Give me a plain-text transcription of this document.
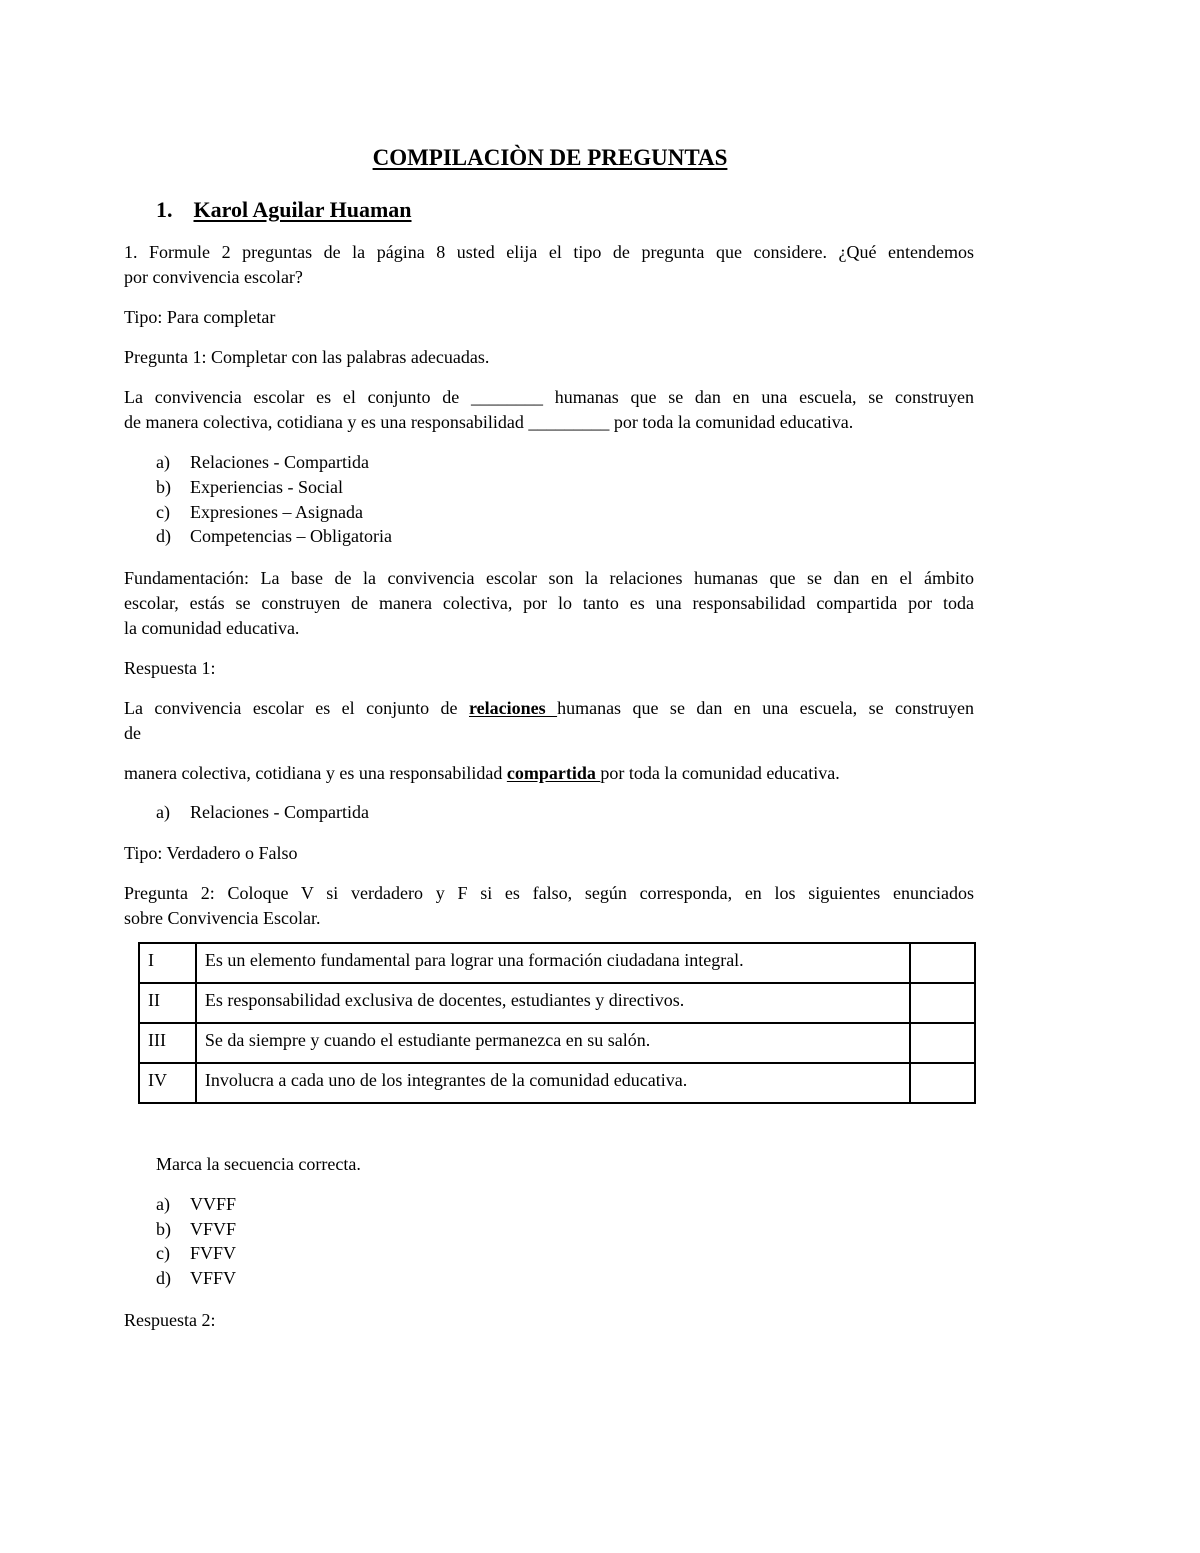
COMPILACIÒN DE PREGUNTAS
1. Karol Aguilar Huaman
1. Formule 2 preguntas de la página 8 usted elija el tipo de pregunta que considere. ¿Qué entendemos
por convivencia escolar?
Tipo: Para completar
Pregunta 1: Completar con las palabras adecuadas.
La convivencia escolar es el conjunto de ________ humanas que se dan en una escuela, se construyen
de manera colectiva, cotidiana y es una responsabilidad _________ por toda la comunidad educativa.
a) Relaciones - Compartida
b) Experiencias - Social
c) Expresiones – Asignada
d) Competencias – Obligatoria
Fundamentación: La base de la convivencia escolar son la relaciones humanas que se dan en el ámbito
escolar, estás se construyen de manera colectiva, por lo tanto es una responsabilidad compartida por toda
la comunidad educativa.
Respuesta 1:
La convivencia escolar es el conjunto de relaciones humanas que se dan en una escuela, se construyen
de
manera colectiva, cotidiana y es una responsabilidad compartida por toda la comunidad educativa.
a) Relaciones - Compartida
Tipo: Verdadero o Falso
Pregunta 2: Coloque V si verdadero y F si es falso, según corresponda, en los siguientes enunciados
sobre Convivencia Escolar.
I	Es un elemento fundamental para lograr una formación ciudadana integral.	
II	Es responsabilidad exclusiva de docentes, estudiantes y directivos.	
III	Se da siempre y cuando el estudiante permanezca en su salón.	
IV	Involucra a cada uno de los integrantes de la comunidad educativa.	
Marca la secuencia correcta.
a) VVFF
b) VFVF
c) FVFV
d) VFFV
Respuesta 2:
